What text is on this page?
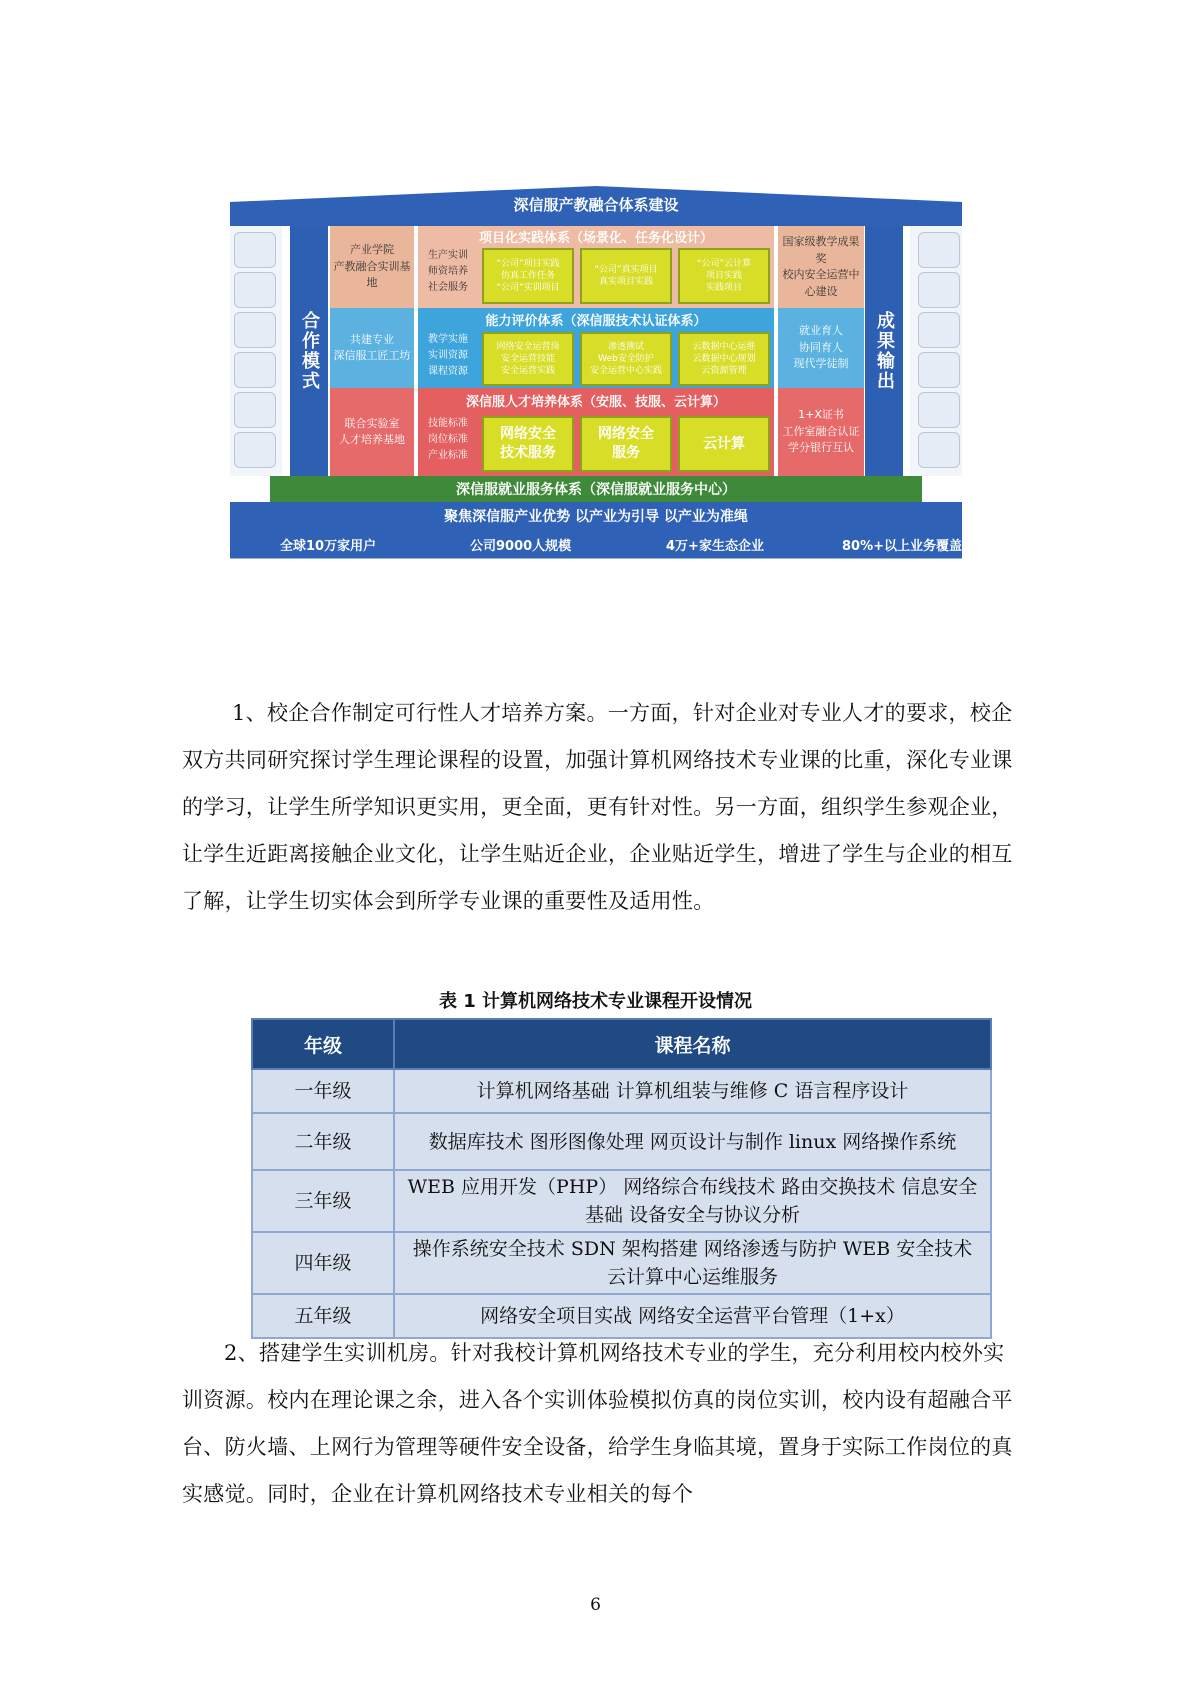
深信服产教融合体系建设
合作模式	成果输出
产业学院
产教融合实训基地
共建专业
深信服工匠工坊
联合实验室
人才培养基地
国家级教学成果奖
校内安全运营中心建设
就业育人
协同育人
现代学徒制
1+X证书
工作室融合认证
学分银行互认
项目化实践体系（场景化、任务化设计）
生产实训
师资培养
社会服务
“公司”项目实践
仿真工作任务
“公司”实训项目
“公司”真实项目
真实项目实践
“公司”云计算
项目实践
实践项目
能力评价体系（深信服技术认证体系）
教学实施
实训资源
课程资源
网络安全运营岗
安全运营技能
安全运营实践
渗透测试
Web安全防护
安全运营中心实践
云数据中心运维
云数据中心规划
云资源管理
深信服人才培养体系（安服、技服、云计算）
技能标准
岗位标准
产业标准
网络安全
技术服务
网络安全
服务
云计算
深信服就业服务体系（深信服就业服务中心）
聚焦深信服产业优势 以产业为引导 以产业为准绳
全球10万家用户	公司9000人规模	4万+家生态企业	80%+以上业务覆盖
1、校企合作制定可行性人才培养方案。一方面，针对企业对专业人才的要求，校企双方共同研究探讨学生理论课程的设置，加强计算机网络技术专业课的比重，深化专业课的学习，让学生所学知识更实用，更全面，更有针对性。另一方面，组织学生参观企业，让学生近距离接触企业文化，让学生贴近企业，企业贴近学生，增进了学生与企业的相互了解，让学生切实体会到所学专业课的重要性及适用性。
表 1 计算机网络技术专业课程开设情况
年级	课程名称
一年级	计算机网络基础 计算机组装与维修 C 语言程序设计
二年级	数据库技术 图形图像处理 网页设计与制作 linux 网络操作系统
三年级	WEB 应用开发（PHP） 网络综合布线技术 路由交换技术 信息安全基础 设备安全与协议分析
四年级	操作系统安全技术 SDN 架构搭建 网络渗透与防护 WEB 安全技术 云计算中心运维服务
五年级	网络安全项目实战 网络安全运营平台管理（1+x）
2、搭建学生实训机房。针对我校计算机网络技术专业的学生，充分利用校内校外实训资源。校内在理论课之余，进入各个实训体验模拟仿真的岗位实训，校内设有超融合平台、防火墙、上网行为管理等硬件安全设备，给学生身临其境，置身于实际工作岗位的真实感觉。同时，企业在计算机网络技术专业相关的每个
6
